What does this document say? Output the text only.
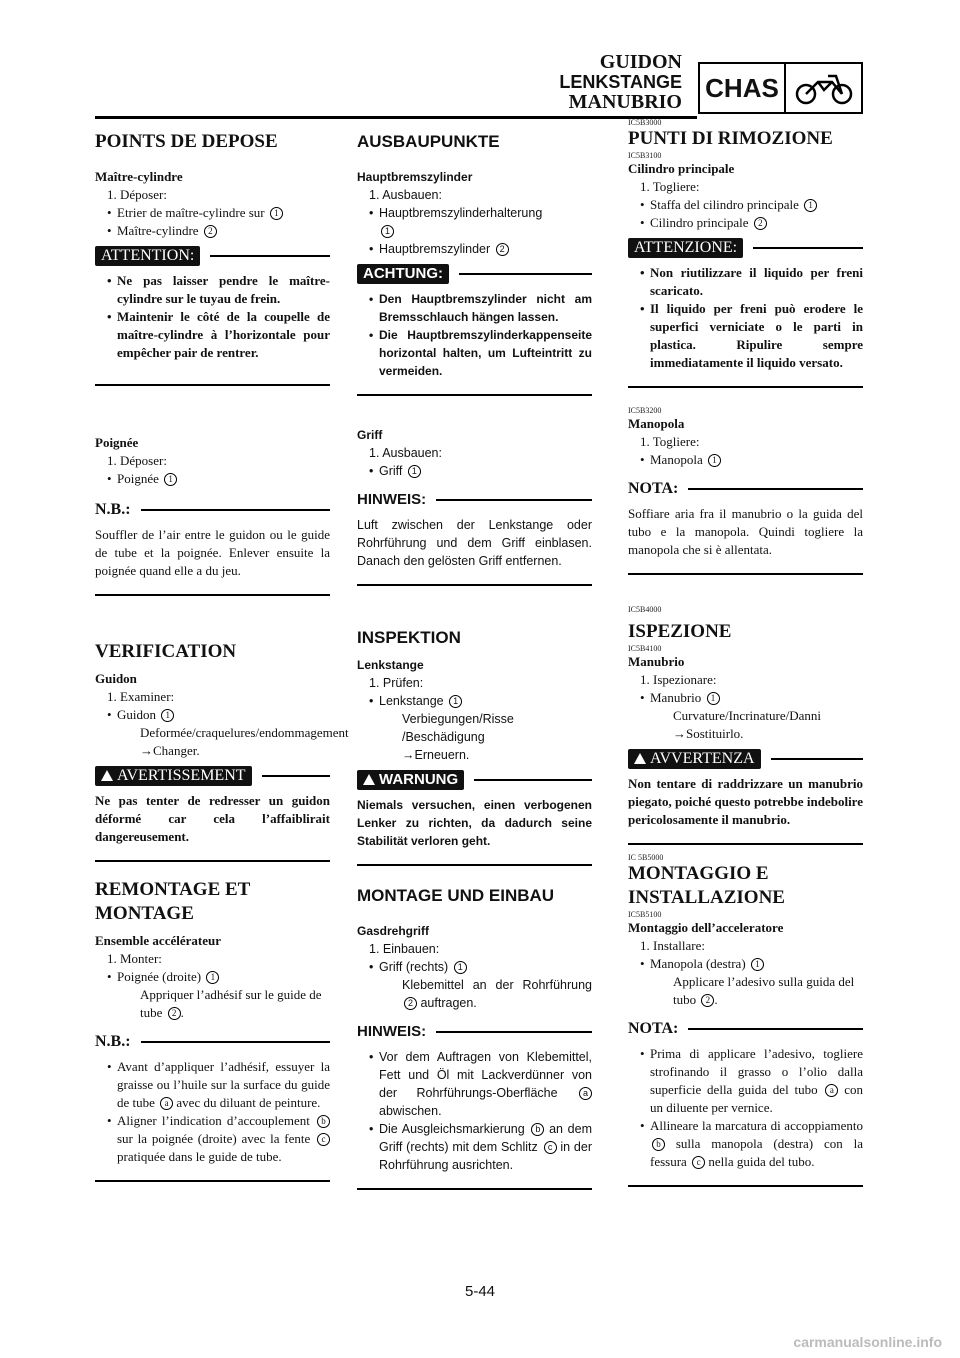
GUIDON
LENKSTANGE
MANUBRIO CHAS
POINTS DE DEPOSE
Maître-cylindre
1. Déposer:
• Etrier de maître-cylindre sur 1
• Maître-cylindre 2
ATTENTION:
• Ne pas laisser pendre le maître-cylindre sur le tuyau de frein.
• Maintenir le côté de la coupelle de maître-cylindre à l’horizontale pour empêcher pair de rentrer.
Poignée
1. Déposer:
• Poignée 1
N.B.:
Souffler de l’air entre le guidon ou le guide de tube et la poignée. Enlever ensuite la poignée quand elle a du jeu.
VERIFICATION
Guidon
1. Examiner:
• Guidon 1
Deformée/craquelures/endommagement
→Changer.
AVERTISSEMENT
Ne pas tenter de redresser un guidon déformé car cela l’affaiblirait dangereusement.
REMONTAGE ET MONTAGE
Ensemble accélérateur
1. Monter:
• Poignée (droite) 1
Appriquer l’adhésif sur le guide de tube 2 .
N.B.:
• Avant d’appliquer l’adhésif, essuyer la graisse ou l’huile sur la surface du guide de tube a avec du diluant de peinture.
• Aligner l’indication d’accouplement b sur la poignée (droite) avec la fente c pratiquée dans le guide de tube.
AUSBAUPUNKTE
Hauptbremszylinder
1. Ausbauen:
• Hauptbremszylinderhalterung
1
• Hauptbremszylinder 2
ACHTUNG:
• Den Hauptbremszylinder nicht am Bremsschlauch hängen lassen.
• Die Hauptbremszylinderkappenseite horizontal halten, um Lufteintritt zu vermeiden.
Griff
1. Ausbauen:
• Griff 1
HINWEIS:
Luft zwischen der Lenkstange oder Rohrführung und dem Griff einblasen. Danach den gelösten Griff entfernen.
INSPEKTION
Lenkstange
1. Prüfen:
• Lenkstange 1
Verbiegungen/Risse /Beschädigung
→Erneuern.
WARNUNG
Niemals versuchen, einen verbogenen Lenker zu richten, da dadurch seine Stabilität verloren geht.
MONTAGE UND EINBAU
Gasdrehgriff
1. Einbauen:
• Griff (rechts) 1
Klebemittel an der Rohrführung 2 auftragen.
HINWEIS:
• Vor dem Auftragen von Klebemittel, Fett und Öl mit Lackverdünner von der Rohrführungs-Oberfläche	a abwischen.
• Die Ausgleichsmarkierung b an dem Griff (rechts) mit dem Schlitz c in der Rohrführung ausrichten.
IC5B3000
PUNTI DI RIMOZIONE
IC5B3100
Cilindro principale
1. Togliere:
• Staffa del cilindro principale 1
• Cilindro principale 2
ATTENZIONE:
• Non riutilizzare il liquido per freni scaricato.
• Il liquido per freni può erodere le superfici verniciate o le parti in plastica. Ripulire sempre immediatamente il liquido versato.
IC5B3200
Manopola
1. Togliere:
• Manopola 1
NOTA:
Soffiare aria fra il manubrio o la guida del tubo e la manopola. Quindi togliere la manopola che si è allentata.
IC5B4000
ISPEZIONE
IC5B4100
Manubrio
1. Ispezionare:
• Manubrio 1
Curvature/Incrinature/Danni
→Sostituirlo.
AVVERTENZA
Non tentare di raddrizzare un manubrio piegato, poiché questo potrebbe indebolire pericolosamente il manubrio.
IC 5B5000
MONTAGGIO E INSTALLAZIONE
IC5B5100
Montaggio dell’acceleratore
1. Installare:
• Manopola (destra) 1
Applicare l’adesivo sulla guida del tubo 2 .
NOTA:
• Prima di applicare l’adesivo, togliere strofinando il grasso o l’olio dalla superficie della guida del tubo a con un diluente per vernice.
• Allineare la marcatura di accoppiamento b sulla manopola (destra) con la fessura c nella guida del tubo.
5-44
carmanualsonline.info
